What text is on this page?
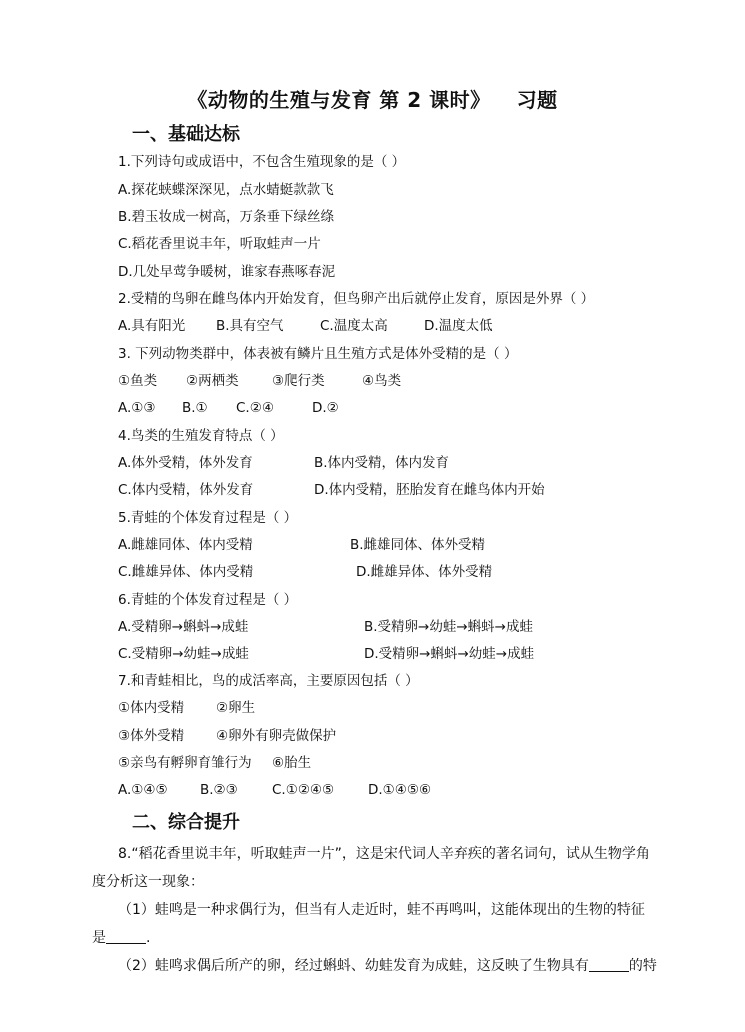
《动物的生殖与发育 第 2 课时》 习题
一、基础达标
1.下列诗句或成语中，不包含生殖现象的是（ ）
A.探花蛱蝶深深见，点水蜻蜓款款飞
B.碧玉妆成一树高，万条垂下绿丝绦
C.稻花香里说丰年，听取蛙声一片
D.几处早莺争暖树，谁家春燕啄春泥
2.受精的鸟卵在雌鸟体内开始发育，但鸟卵产出后就停止发育，原因是外界（ ）
A.具有阳光 B.具有空气	C.温度太高	D.温度太低
3. 下列动物类群中，体表被有鳞片且生殖方式是体外受精的是（ ）
①鱼类 ②两栖类 ③爬行类	④鸟类
A.①③ B.① C.②④	D.②
4.鸟类的生殖发育特点（ ）
A.体外受精，体外发育	B.体内受精，体内发育
C.体内受精，体外发育	D.体内受精，胚胎发育在雌鸟体内开始
5.青蛙的个体发育过程是（ ）
A.雌雄同体、体内受精	B.雌雄同体、体外受精
C.雌雄异体、体内受精	D.雌雄异体、体外受精
6.青蛙的个体发育过程是（ ）
A.受精卵→蝌蚪→成蛙	B.受精卵→幼蛙→蝌蚪→成蛙
C.受精卵→幼蛙→成蛙	D.受精卵→蝌蚪→幼蛙→成蛙
7.和青蛙相比，鸟的成活率高，主要原因包括（ ）
①体内受精 ②卵生
③体外受精 ④卵外有卵壳做保护
⑤亲鸟有孵卵育雏行为 ⑥胎生
A.①④⑤ B.②③	C.①②④⑤	D.①④⑤⑥
二、综合提升
8.“稻花香里说丰年，听取蛙声一片”，这是宋代词人辛弃疾的著名词句，试从生物学角度分析这一现象：
（1）蛙鸣是一种求偶行为，但当有人走近时，蛙不再鸣叫，这能体现出的生物的特征是	.
（2）蛙鸣求偶后所产的卵，经过蝌蚪、幼蛙发育为成蛙，这反映了生物具有	的特
